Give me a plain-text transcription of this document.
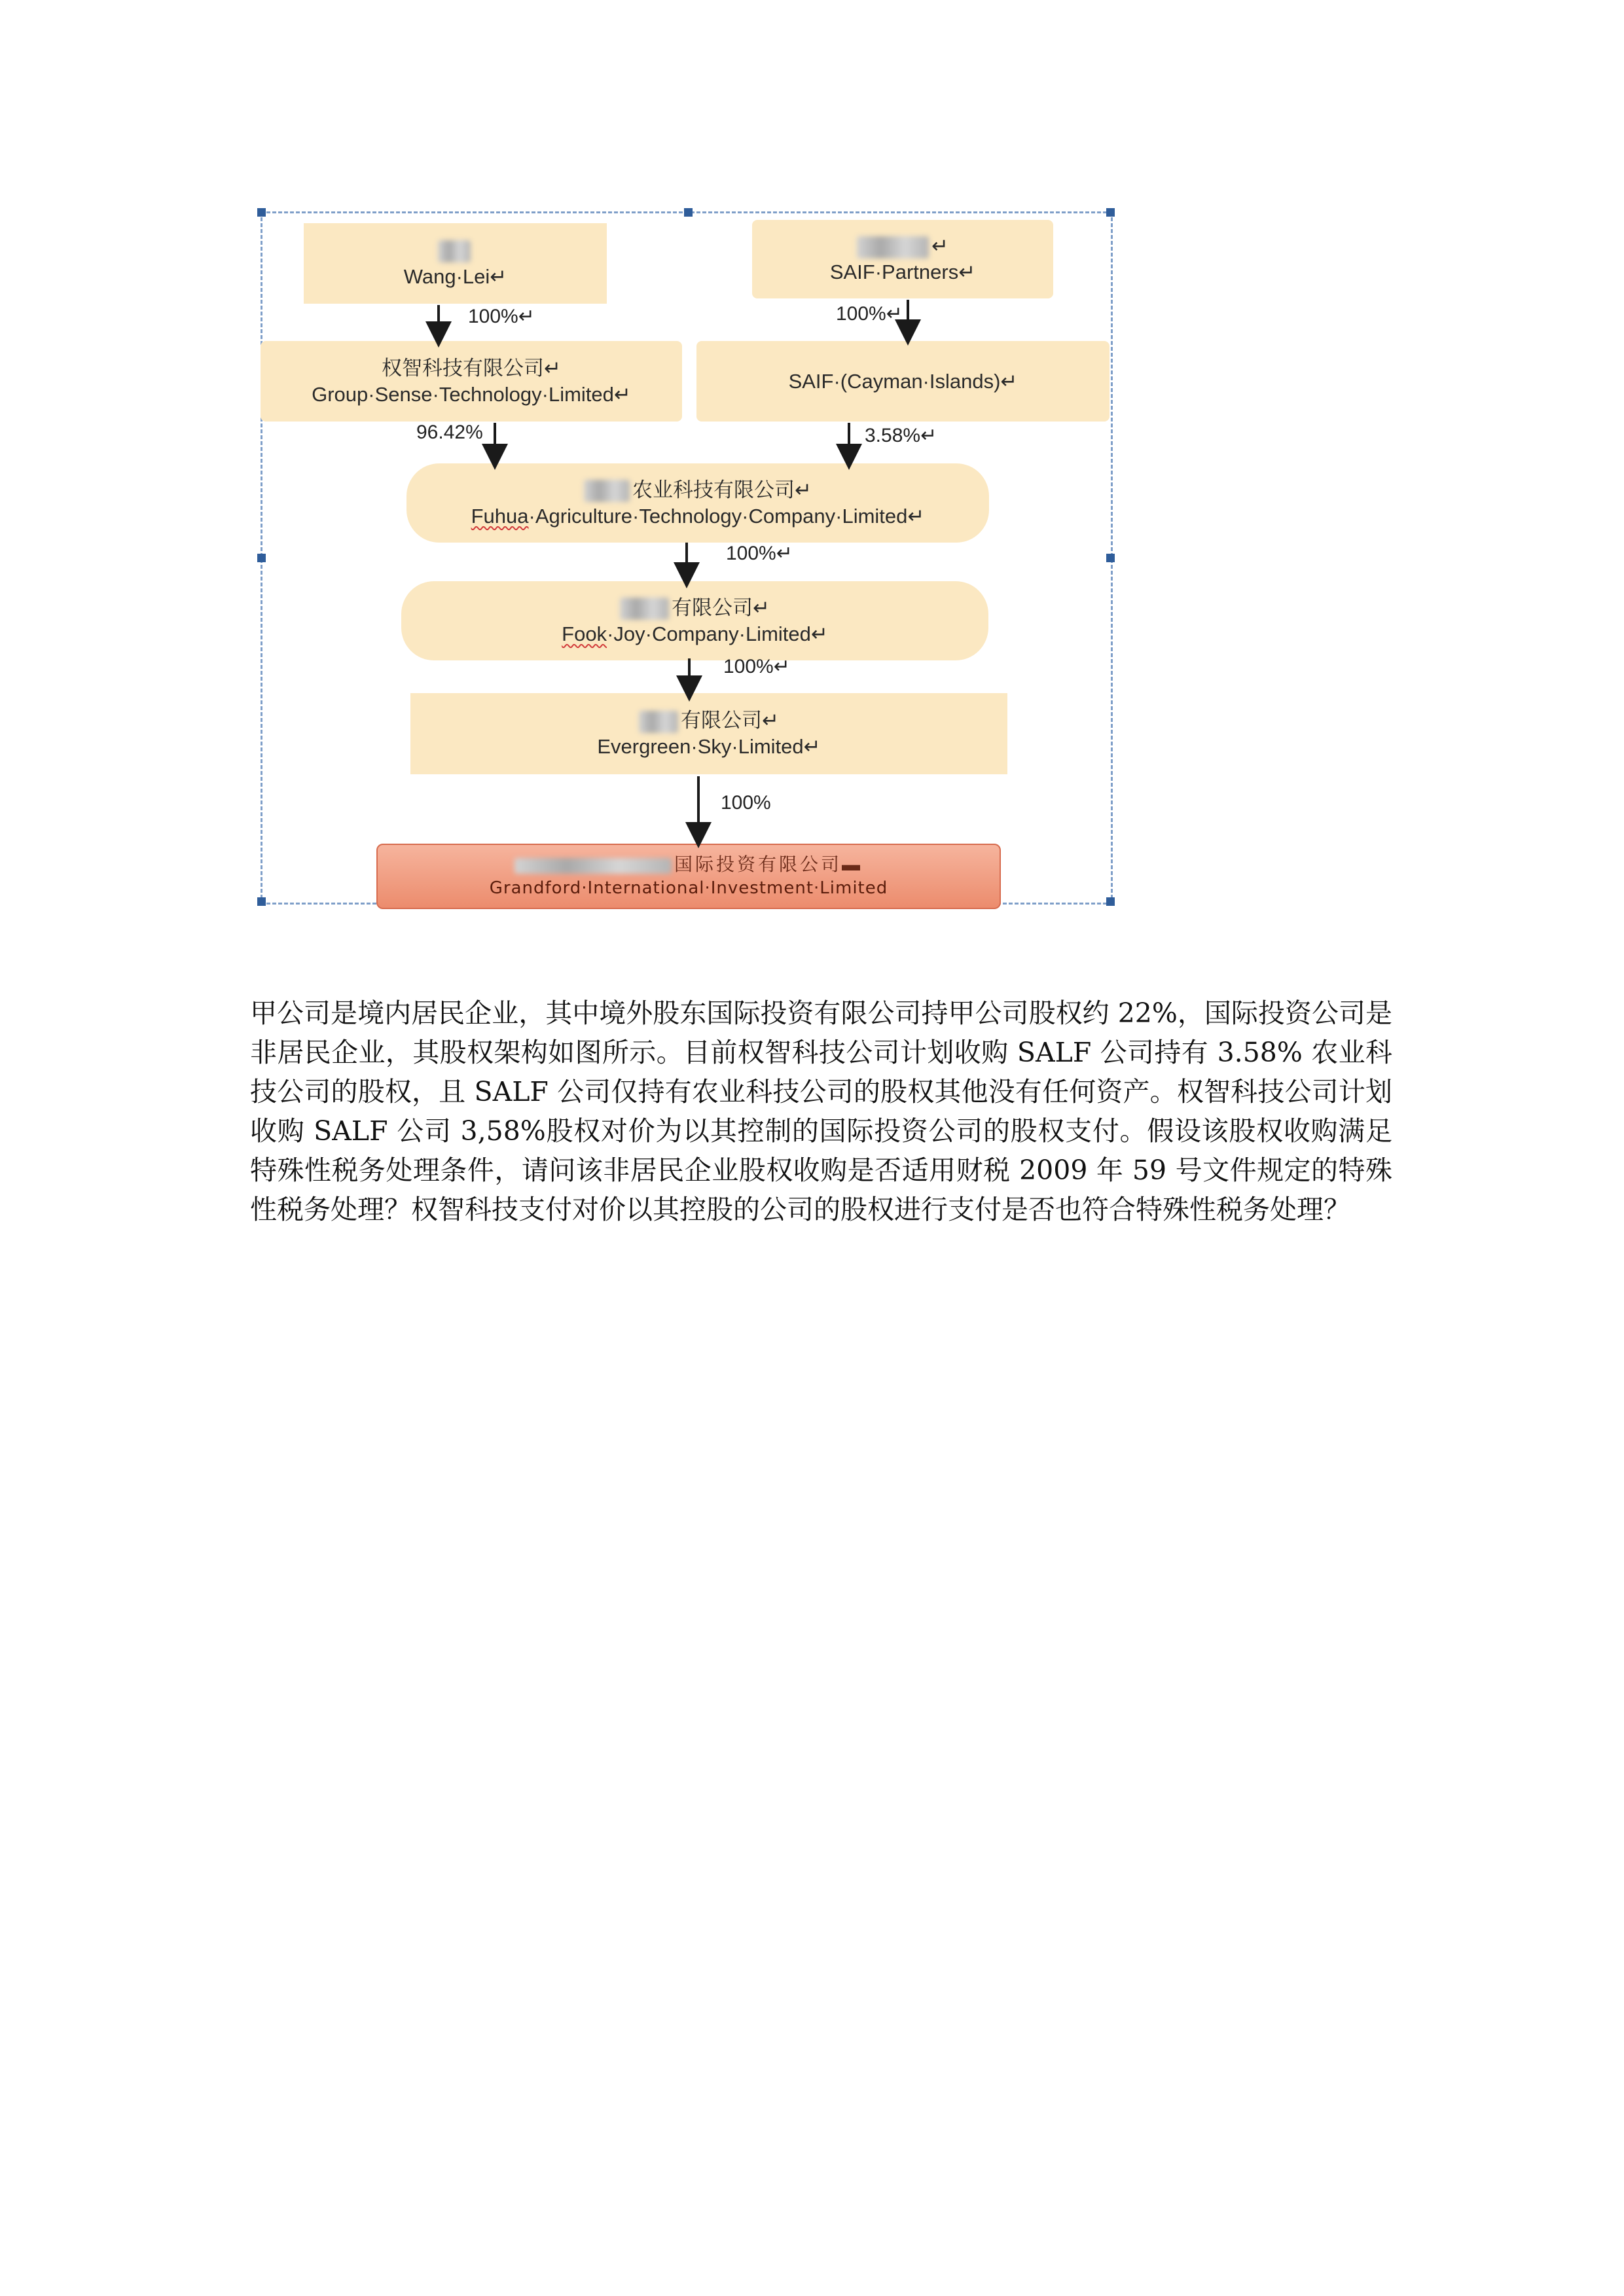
Wang·Lei↵
↵
SAIF·Partners↵
权智科技有限公司↵
Group·Sense·Technology·Limited↵
SAIF·(Cayman·Islands)↵
农业科技有限公司↵
Fuhua·Agriculture·Technology·Company·Limited↵
有限公司↵
Fook·Joy·Company·Limited↵
有限公司↵
Evergreen·Sky·Limited↵
国际投资有限公司▬
Grandford·International·Investment·Limited
100%↵	100%↵
96.42%	3.58%↵
100%↵
100%↵
100%

甲公司是境内居民企业，其中境外股东国际投资有限公司持甲公司股权约 22%，国际投资公司是非居民企业，其股权架构如图所示。目前权智科技公司计划收购 SALF 公司持有 3.58% 农业科技公司的股权，且 SALF 公司仅持有农业科技公司的股权其他没有任何资产。权智科技公司计划收购 SALF 公司 3,58%股权对价为以其控制的国际投资公司的股权支付。假设该股权收购满足特殊性税务处理条件，请问该非居民企业股权收购是否适用财税 2009 年 59 号文件规定的特殊性税务处理？权智科技支付对价以其控股的公司的股权进行支付是否也符合特殊性税务处理？
